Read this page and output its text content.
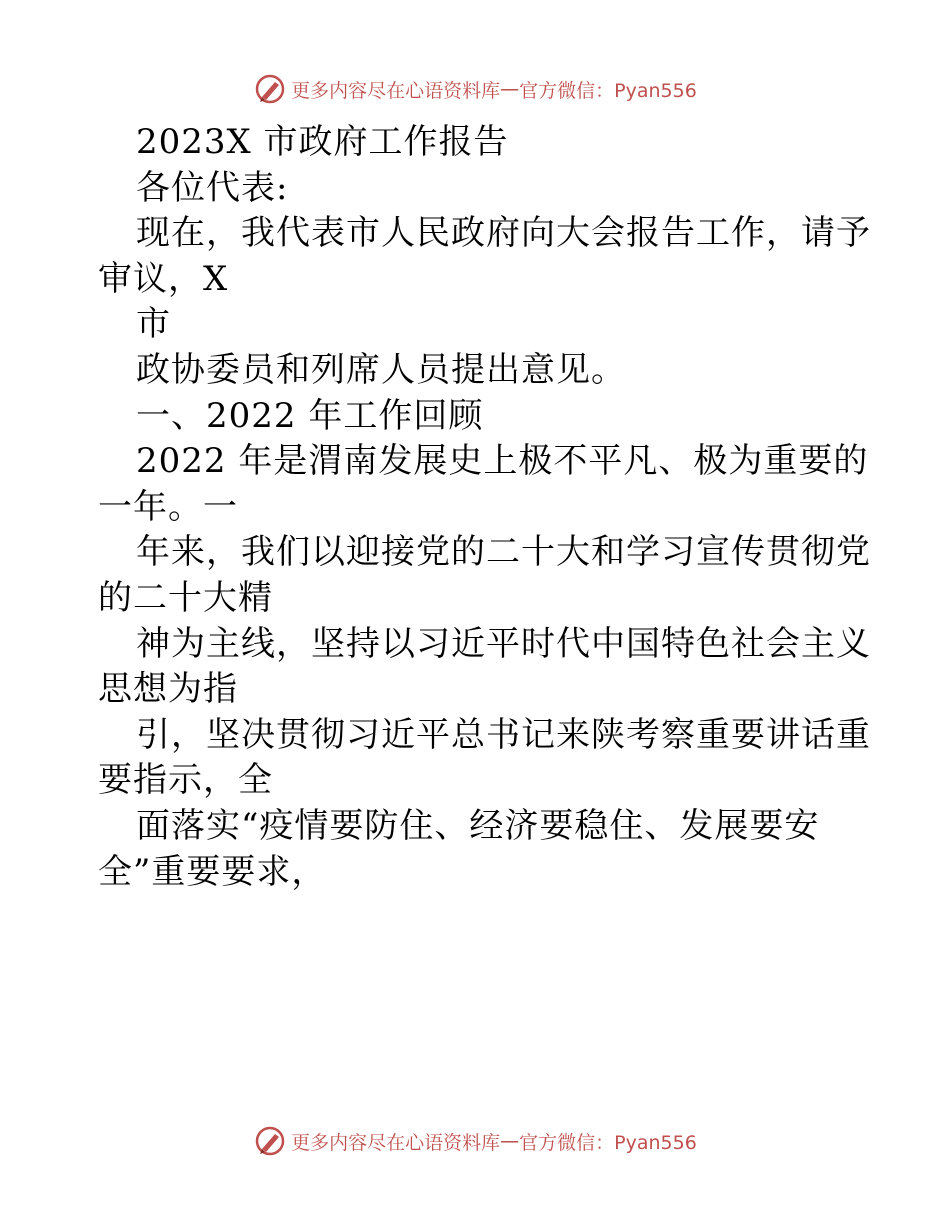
更多内容尽在心语资料库 — 官方微信：Pyan556
2023X 市政府工作报告
各位代表:
现在，我代表市人民政府向大会报告工作，请予
审议，X
市
政协委员和列席人员提出意见。
一、2022 年工作回顾
2022 年是渭南发展史上极不平凡、极为重要的
一年。一
年来，我们以迎接党的二十大和学习宣传贯彻党
的二十大精
神为主线，坚持以习近平时代中国特色社会主义
思想为指
引，坚决贯彻习近平总书记来陕考察重要讲话重
要指示，全
面落实“疫情要防住、经济要稳住、发展要安
全”重要要求，
更多内容尽在心语资料库 — 官方微信：Pyan556
